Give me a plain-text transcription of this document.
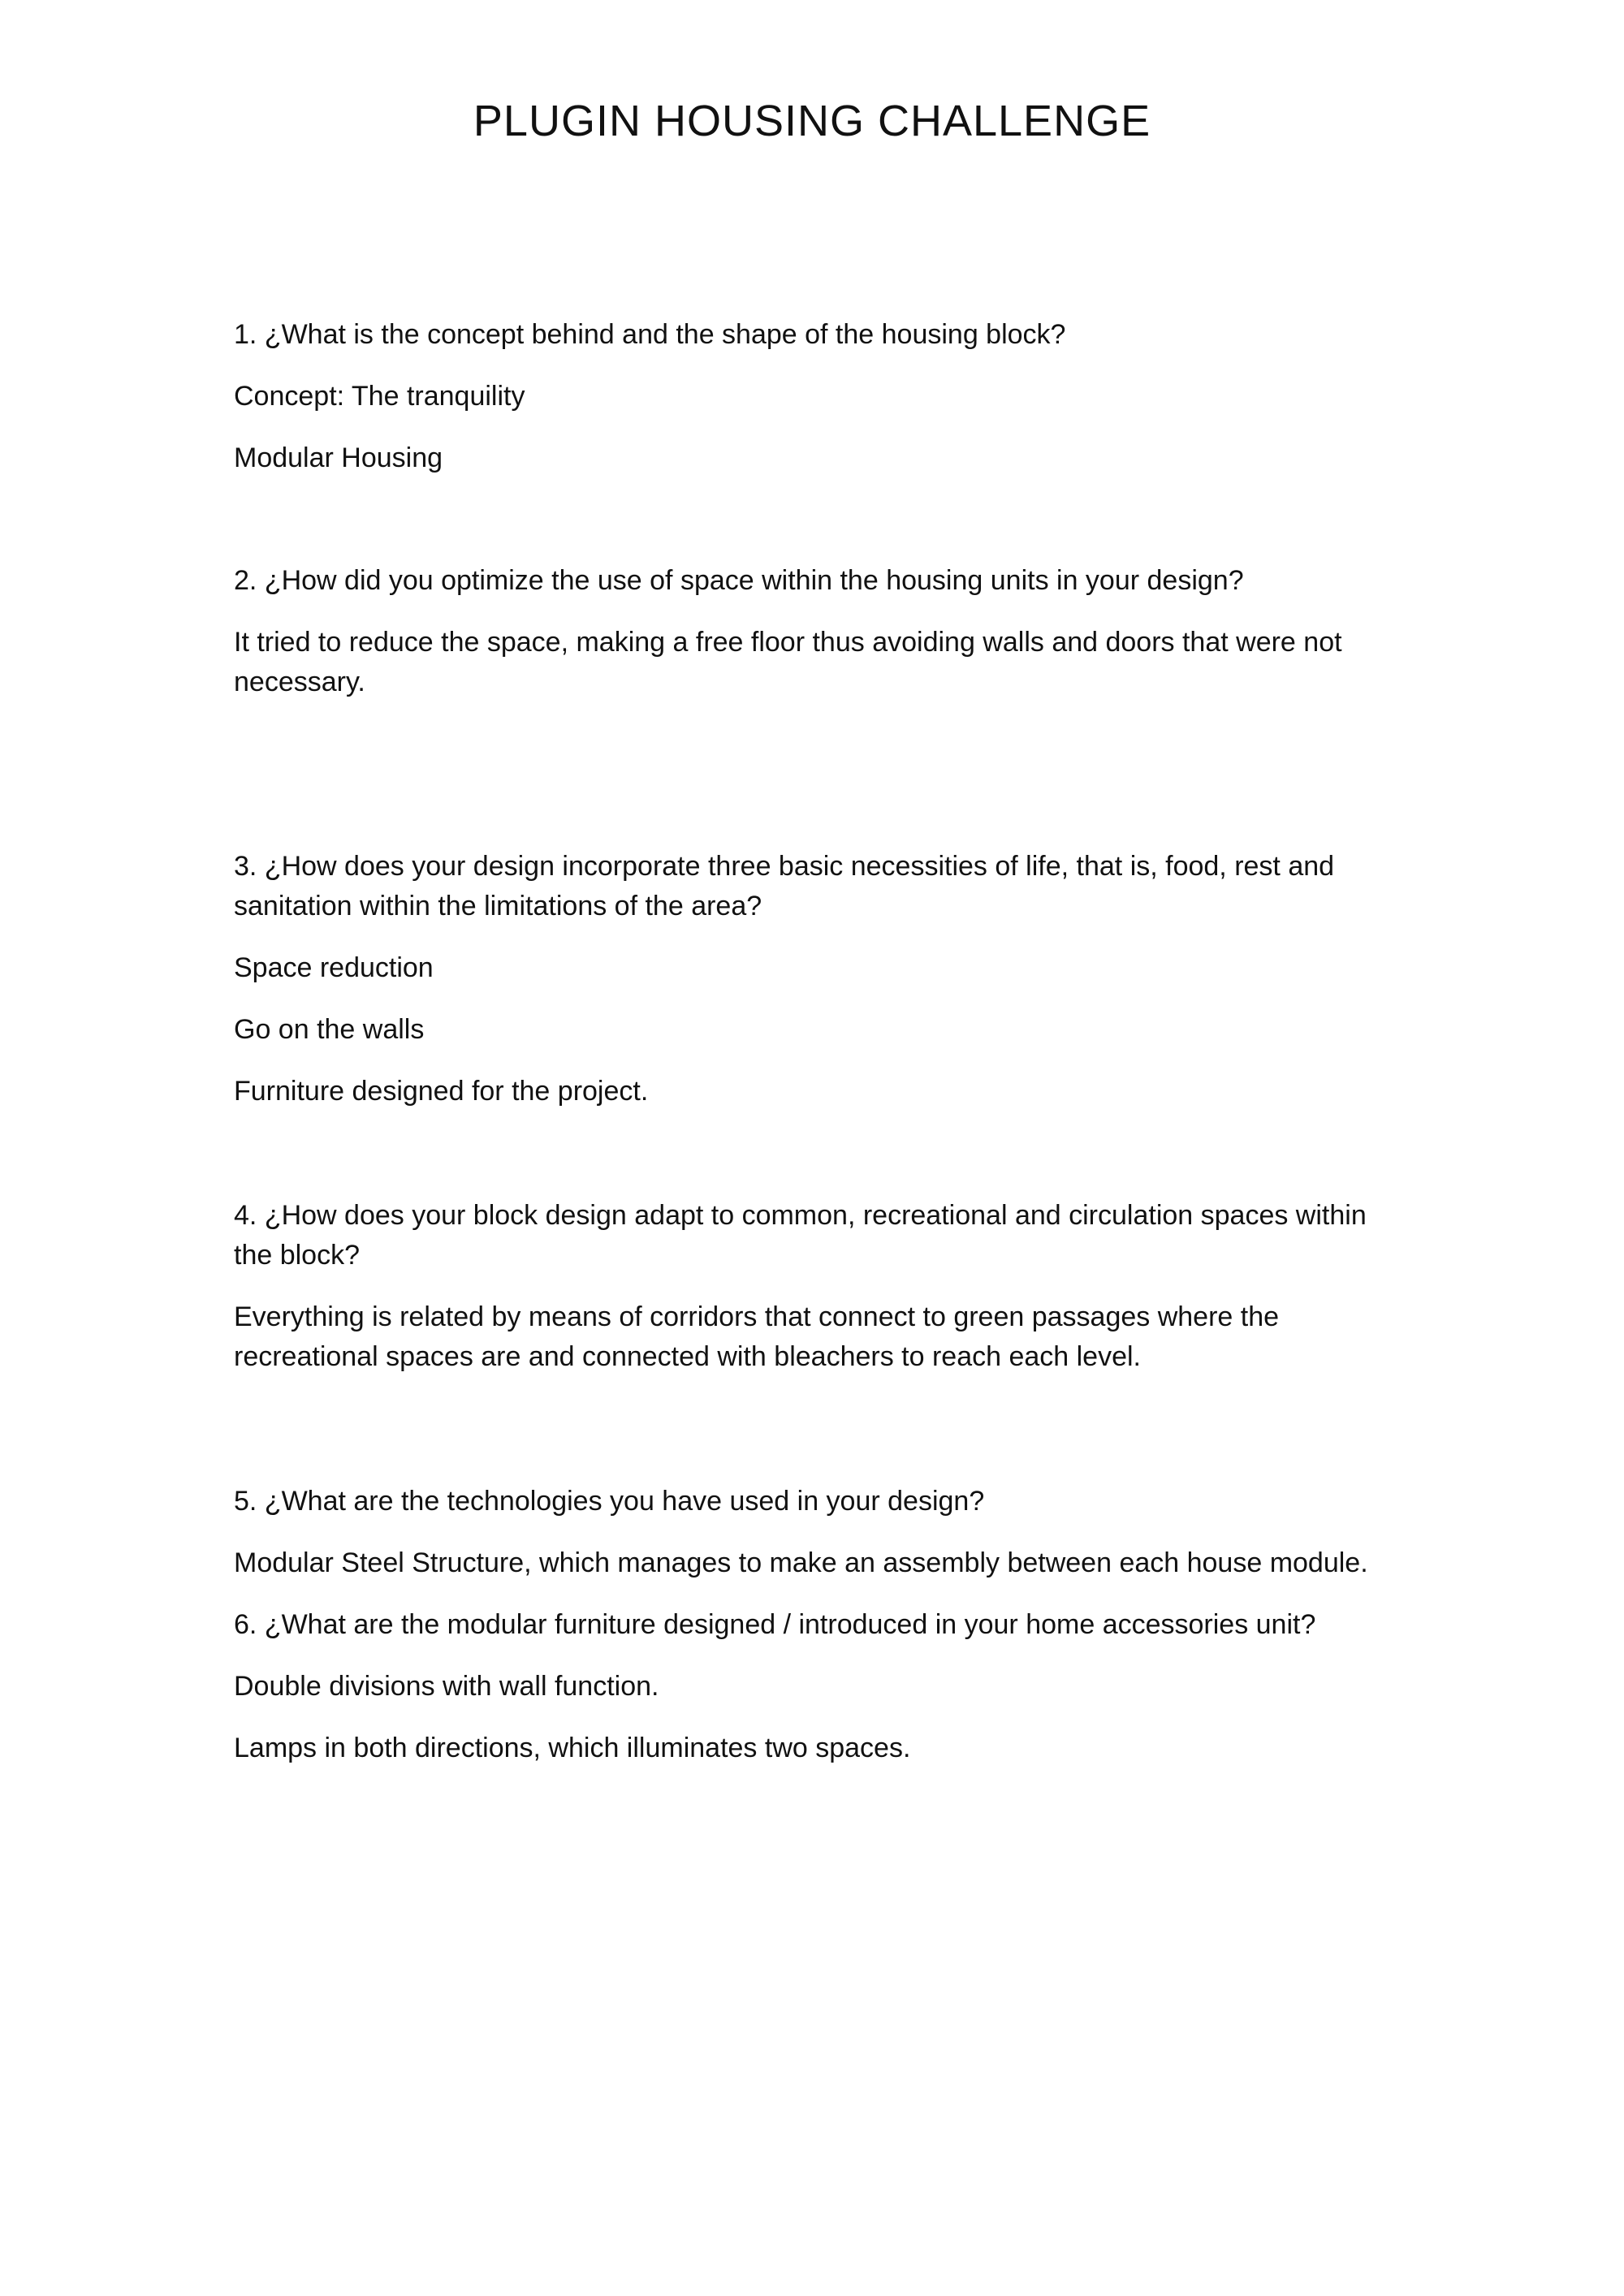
PLUGIN HOUSING CHALLENGE

1. ¿What is the concept behind and the shape of the housing block?

Concept: The tranquility

Modular Housing

2. ¿How did you optimize the use of space within the housing units in your design?

It tried to reduce the space, making a free floor thus avoiding walls and doors that were not necessary.

3. ¿How does your design incorporate three basic necessities of life, that is, food, rest and sanitation within the limitations of the area?

Space reduction

Go on the walls

Furniture designed for the project.

4. ¿How does your block design adapt to common, recreational and circulation spaces within the block?

Everything is related by means of corridors that connect to green passages where the recreational spaces are and connected with bleachers to reach each level.

5. ¿What are the technologies you have used in your design?

Modular Steel Structure, which manages to make an assembly between each house module.

6. ¿What are the modular furniture designed / introduced in your home accessories unit?

Double divisions with wall function.

Lamps in both directions, which illuminates two spaces.
